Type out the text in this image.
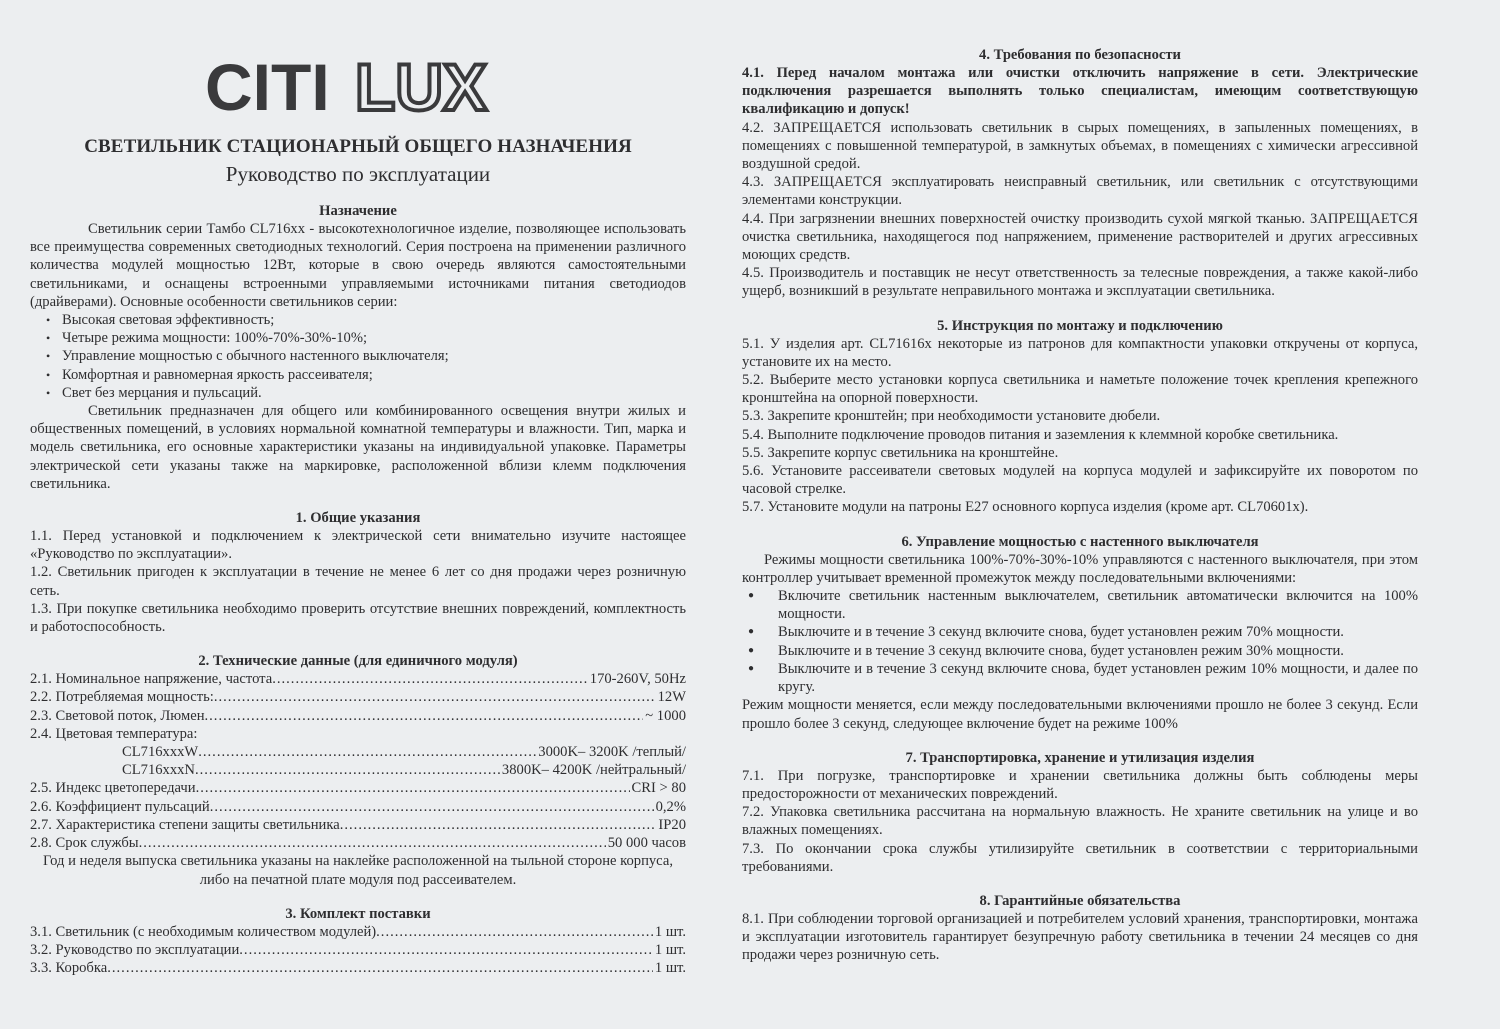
CITI LUX
СВЕТИЛЬНИК СТАЦИОНАРНЫЙ ОБЩЕГО НАЗНАЧЕНИЯ
Руководство по эксплуатации
Назначение

Светильник серии Тамбо CL716xx - высокотехнологичное изделие, позволяющее использовать все преимущества современных светодиодных технологий. Серия построена на применении различного количества модулей мощностью 12Вт, которые в свою очередь являются самостоятельными светильниками, и оснащены встроенными управляемыми источниками питания светодиодов (драйверами). Основные особенности светильников серии:

• Высокая световая эффективность;
• Четыре режима мощности: 100%-70%-30%-10%;
• Управление мощностью с обычного настенного выключателя;
• Комфортная и равномерная яркость рассеивателя;
• Свет без мерцания и пульсаций.

Светильник предназначен для общего или комбинированного освещения внутри жилых и общественных помещений, в условиях нормальной комнатной температуры и влажности. Тип, марка и модель светильника, его основные характеристики указаны на индивидуальной упаковке. Параметры электрической сети указаны также на маркировке, расположенной вблизи клемм подключения светильника.

1. Общие указания

1.1. Перед установкой и подключением к электрической сети внимательно изучите настоящее «Руководство по эксплуатации».

1.2. Светильник пригоден к эксплуатации в течение не менее 6 лет со дня продажи через розничную сеть.

1.3. При покупке светильника необходимо проверить отсутствие внешних повреждений, комплектность и работоспособность.

2. Технические данные (для единичного модуля)
2.1. Номинальное напряжение, частота .....	170-260V, 50Hz
2.2. Потребляемая мощность: .....	12W
2.3. Световой поток, Люмен .....	~ 1000
2.4. Цветовая температура:
CL716xxxW .....	3000K– 3200K /теплый/
CL716xxxN .....	3800K– 4200K /нейтральный/
2.5. Индекс цветопередачи .....	CRI > 80
2.6. Коэффициент пульсаций .....	0,2%
2.7. Характеристика степени защиты светильника .....	IP20
2.8. Срок службы .....	50 000 часов

Год и неделя выпуска светильника указаны на наклейке расположенной на тыльной стороне корпуса, либо на печатной плате модуля под рассеивателем.

3. Комплект поставки
3.1. Светильник (с необходимым количеством модулей) .....	1 шт.
3.2. Руководство по эксплуатации .....	1 шт.
3.3. Коробка .....	1 шт.
4. Требования по безопасности

4.1. Перед началом монтажа или очистки отключить напряжение в сети. Электрические подключения разрешается выполнять только специалистам, имеющим соответствующую квалификацию и допуск!

4.2. ЗАПРЕЩАЕТСЯ использовать светильник в сырых помещениях, в запыленных помещениях, в помещениях с повышенной температурой, в замкнутых объемах, в помещениях с химически агрессивной воздушной средой.

4.3. ЗАПРЕЩАЕТСЯ эксплуатировать неисправный светильник, или светильник с отсутствующими элементами конструкции.

4.4. При загрязнении внешних поверхностей очистку производить сухой мягкой тканью. ЗАПРЕЩАЕТСЯ очистка светильника, находящегося под напряжением, применение растворителей и других агрессивных моющих средств.

4.5. Производитель и поставщик не несут ответственность за телесные повреждения, а также какой-либо ущерб, возникший в результате неправильного монтажа и эксплуатации светильника.

5. Инструкция по монтажу и подключению

5.1. У изделия арт. CL71616x некоторые из патронов для компактности упаковки откручены от корпуса, установите их на место.

5.2. Выберите место установки корпуса светильника и наметьте положение точек крепления крепежного кронштейна на опорной поверхности.

5.3. Закрепите кронштейн; при необходимости установите дюбели.

5.4. Выполните подключение проводов питания и заземления к клеммной коробке светильника.

5.5. Закрепите корпус светильника на кронштейне.

5.6. Установите рассеиватели световых модулей на корпуса модулей и зафиксируйте их поворотом по часовой стрелке.

5.7. Установите модули на патроны E27 основного корпуса изделия (кроме арт. CL70601x).

6. Управление мощностью с настенного выключателя

Режимы мощности светильника 100%-70%-30%-10% управляются с настенного выключателя, при этом контроллер учитывает временной промежуток между последовательными включениями:

● Включите светильник настенным выключателем, светильник автоматически включится на 100% мощности.
● Выключите и в течение 3 секунд включите снова, будет установлен режим 70% мощности.
● Выключите и в течение 3 секунд включите снова, будет установлен режим 30% мощности.
● Выключите и в течение 3 секунд включите снова, будет установлен режим 10% мощности, и далее по кругу.

Режим мощности меняется, если между последовательными включениями прошло не более 3 секунд. Если прошло более 3 секунд, следующее включение будет на режиме 100%

7. Транспортировка, хранение и утилизация изделия

7.1. При погрузке, транспортировке и хранении светильника должны быть соблюдены меры предосторожности от механических повреждений.

7.2. Упаковка светильника рассчитана на нормальную влажность. Не храните светильник на улице и во влажных помещениях.

7.3. По окончании срока службы утилизируйте светильник в соответствии с территориальными требованиями.

8. Гарантийные обязательства

8.1. При соблюдении торговой организацией и потребителем условий хранения, транспортировки, монтажа и эксплуатации изготовитель гарантирует безупречную работу светильника в течении 24 месяцев со дня продажи через розничную сеть.
